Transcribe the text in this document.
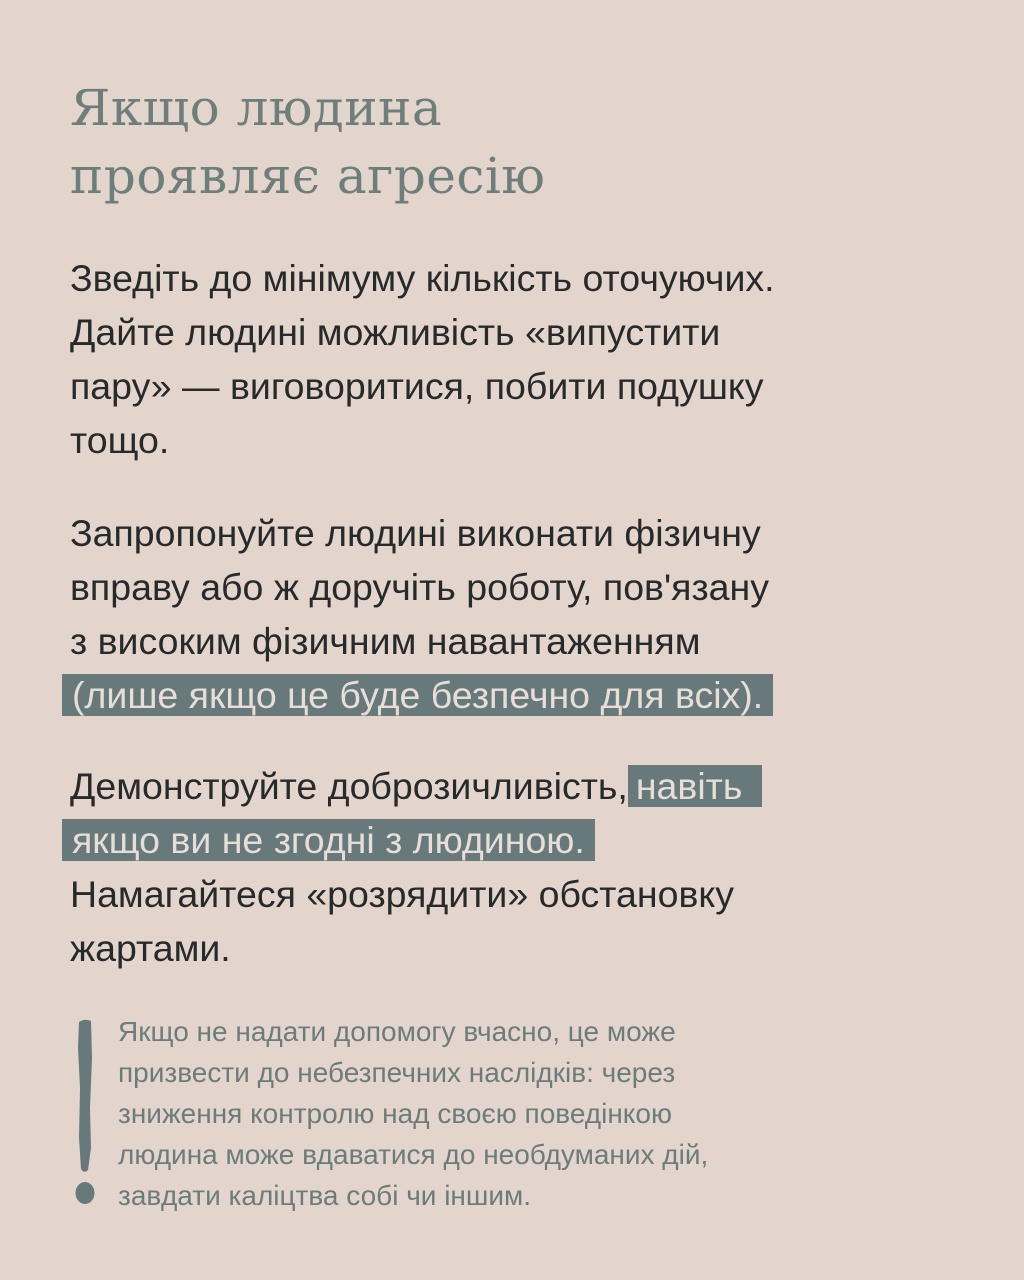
Якщо людина
проявляє агресію

Зведіть до мінімуму кількість оточуючих.
Дайте людині можливість «випустити
пару» — виговоритися, побити подушку
тощо.

Запропонуйте людині виконати фізичну
вправу або ж доручіть роботу, пов'язану
з високим фізичним навантаженням
(лише якщо це буде безпечно для всіх).

Демонструйте доброзичливість, навіть
якщо ви не згодні з людиною.
Намагайтеся «розрядити» обстановку
жартами.

Якщо не надати допомогу вчасно, це може
призвести до небезпечних наслідків: через
зниження контролю над своєю поведінкою
людина може вдаватися до необдуманих дій,
завдати каліцтва собі чи іншим.
